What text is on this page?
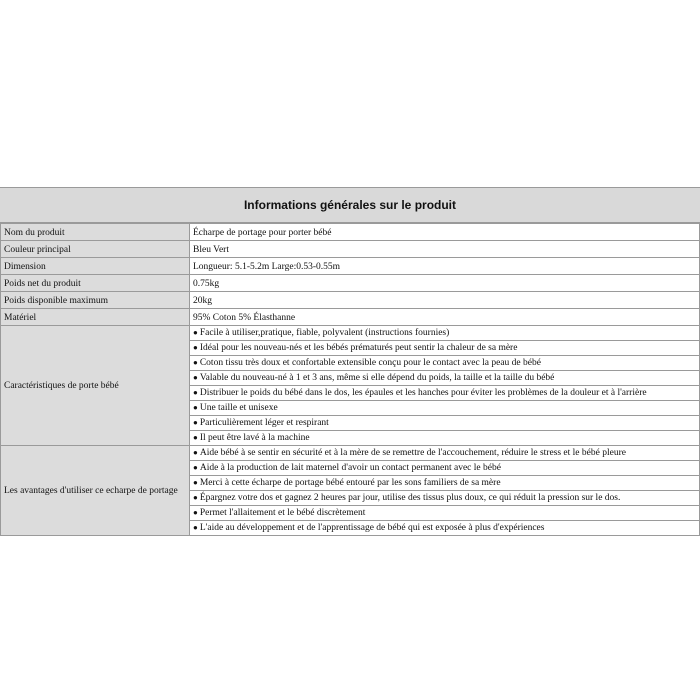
Informations générales sur le produit
Nom du produit	Écharpe de portage pour porter bébé
Couleur principal	Bleu Vert
Dimension	Longueur: 5.1-5.2m Large:0.53-0.55m
Poids net du produit	0.75kg
Poids disponible maximum	20kg
Matériel	95% Coton 5% Élasthanne
Caractéristiques de porte bébé	● Facile à utiliser,pratique, fiable, polyvalent (instructions fournies)
	● Idéal pour les nouveau-nés et les bébés prématurés peut sentir la chaleur de sa mère
	● Coton tissu très doux et confortable extensible conçu pour le contact avec la peau de bébé
	● Valable du nouveau-né à 1 et 3 ans, même si elle dépend du poids, la taille et la taille du bébé
	● Distribuer le poids du bébé dans le dos, les épaules et les hanches pour éviter les problèmes de la douleur et à l'arrière
	● Une taille et unisexe
	● Particulièrement léger et respirant
	● Il peut être lavé à la machine
Les avantages d'utiliser ce echarpe de portage	● Aide bébé à se sentir en sécurité et à la mère de se remettre de l'accouchement, réduire le stress et le bébé pleure
	● Aide à la production de lait maternel d'avoir un contact permanent avec le bébé
	● Merci à cette écharpe de portage bébé entouré par les sons familiers de sa mère
	● Épargnez votre dos et gagnez 2 heures par jour, utilise des tissus plus doux, ce qui réduit la pression sur le dos.
	● Permet l'allaitement et le bébé discrètement
	● L'aide au développement et de l'apprentissage de bébé qui est exposée à plus d'expériences
